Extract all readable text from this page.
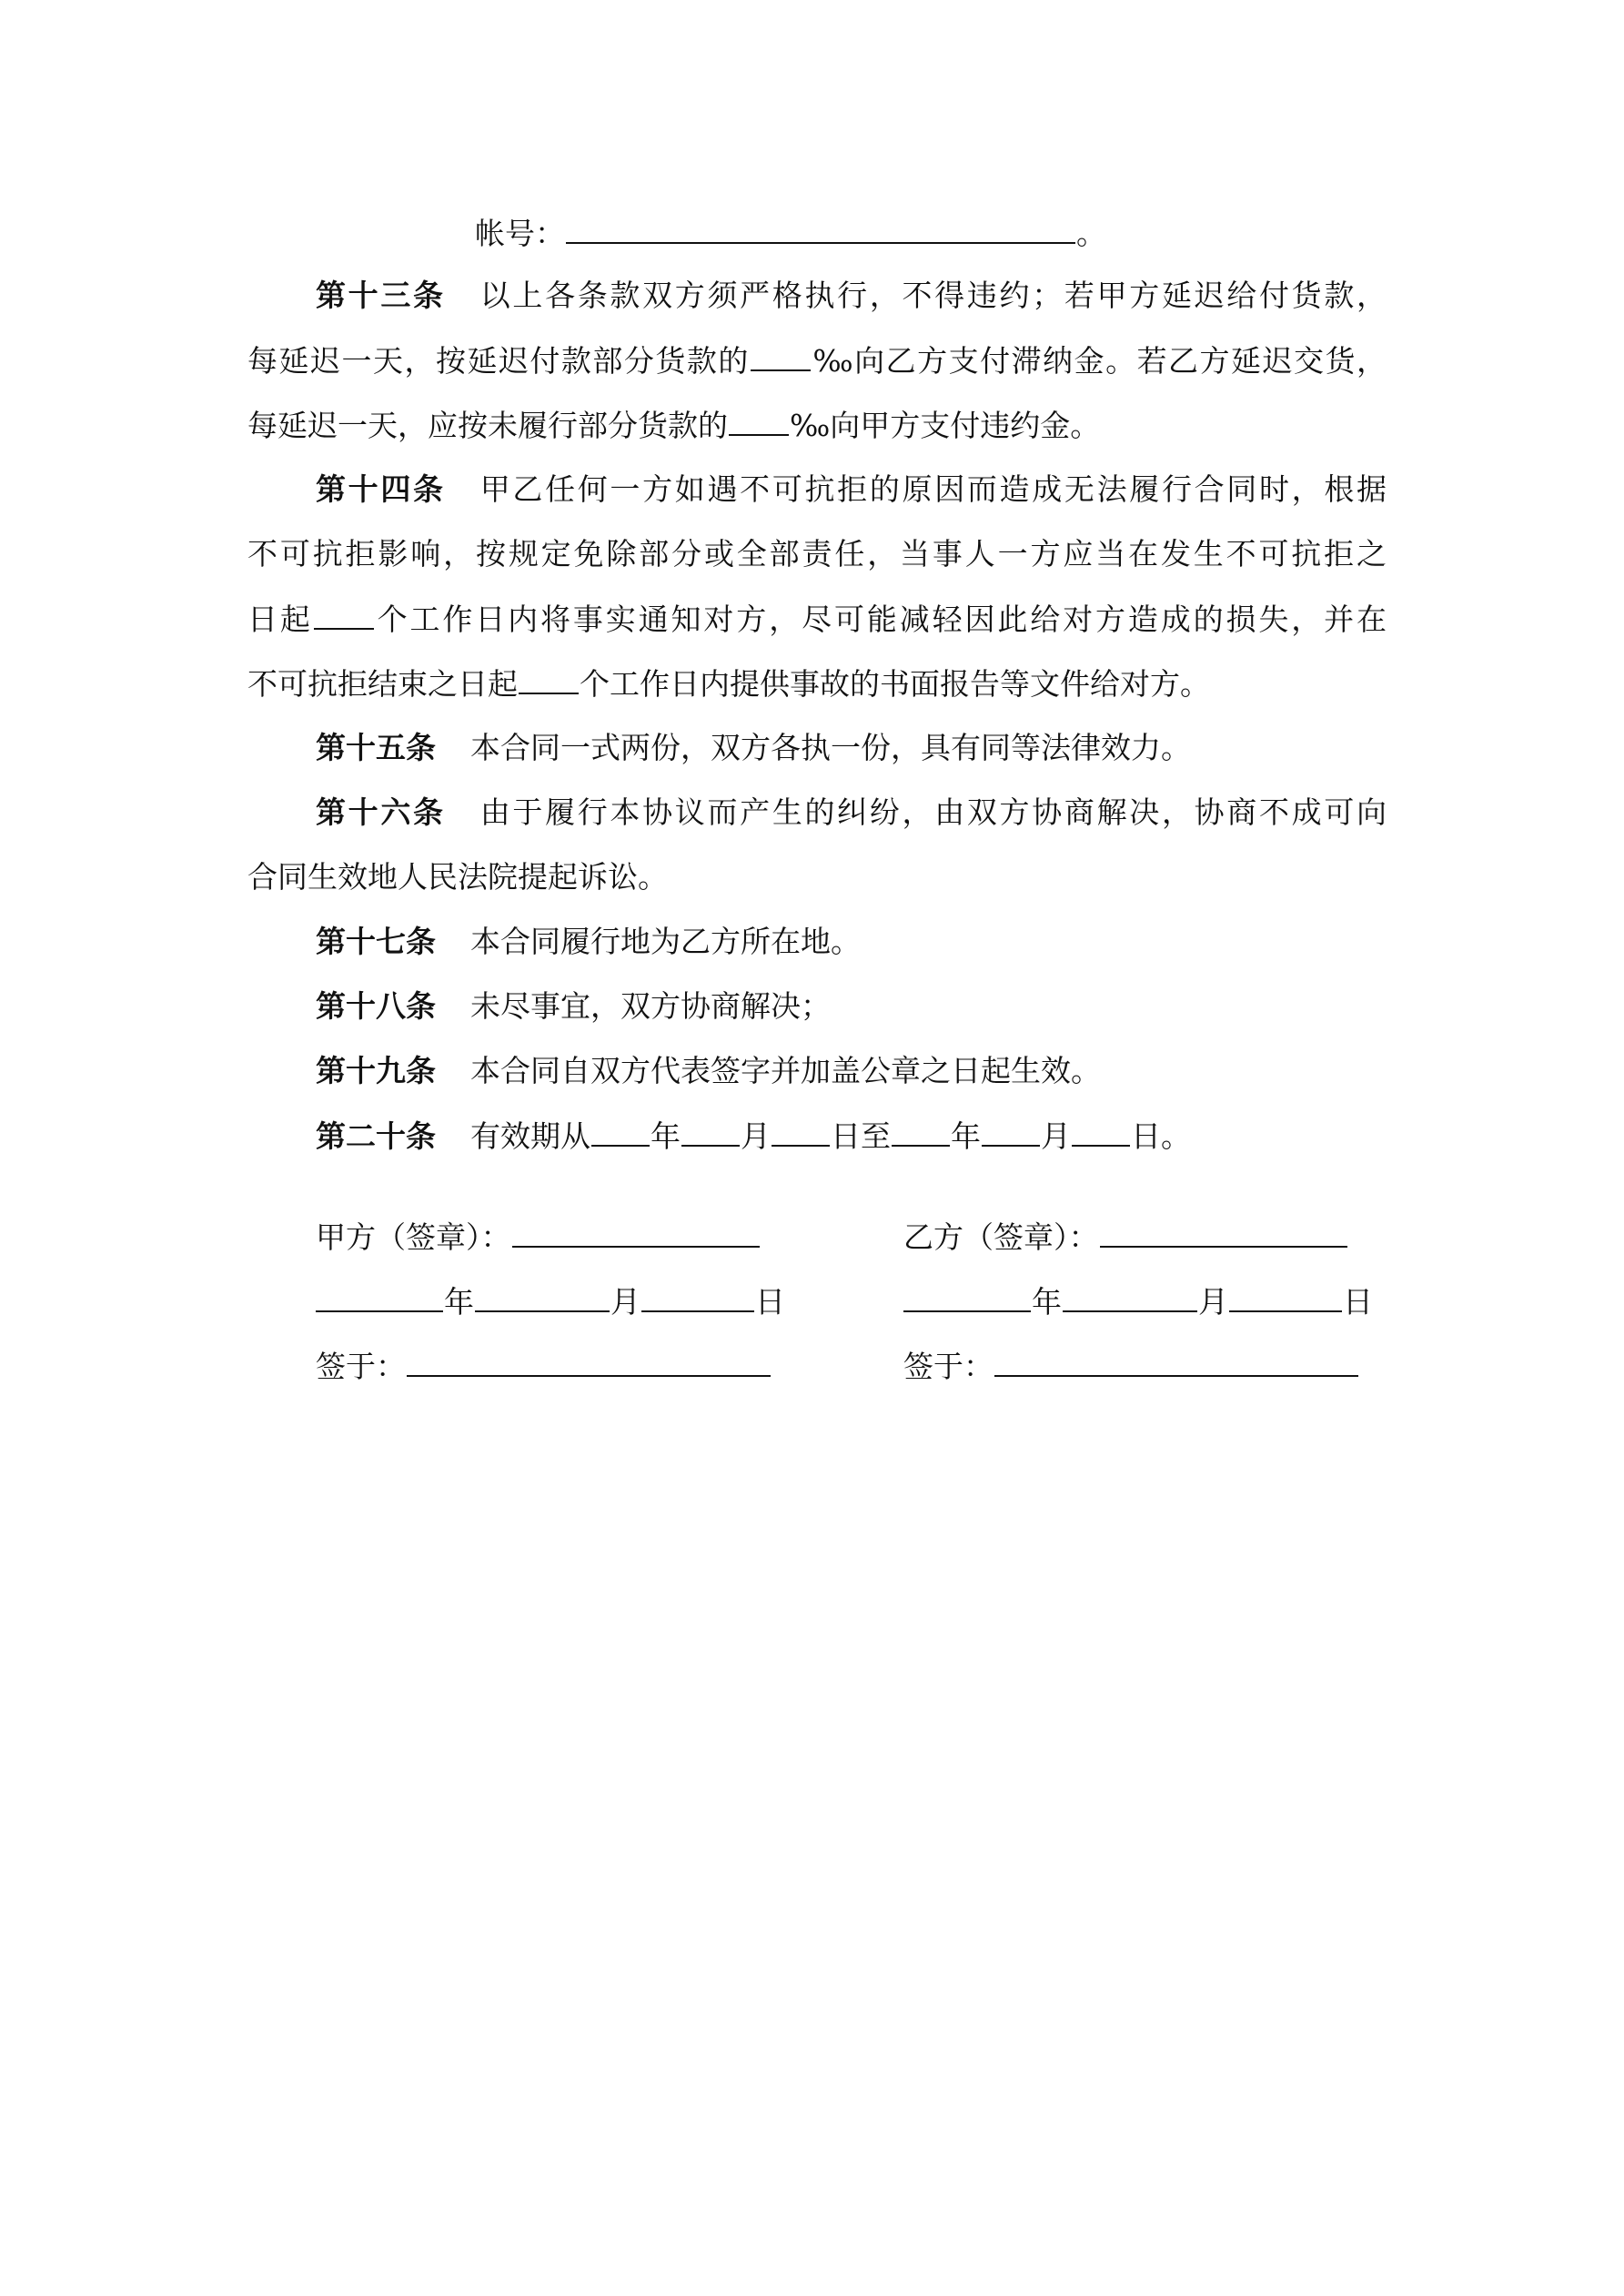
帐号：	。
第十三条 以上各条款双方须严格执行，不得违约；若甲方延迟给付货款，
每延迟一天，按延迟付款部分货款的 ‰向乙方支付滞纳金。若乙方延迟交货，
每延迟一天，应按未履行部分货款的 ‰向甲方支付违约金。
第十四条 甲乙任何一方如遇不可抗拒的原因而造成无法履行合同时，根据
不可抗拒影响，按规定免除部分或全部责任，当事人一方应当在发生不可抗拒之
日起 个工作日内将事实通知对方，尽可能减轻因此给对方造成的损失，并在
不可抗拒结束之日起 个工作日内提供事故的书面报告等文件给对方。
第十五条 本合同一式两份，双方各执一份，具有同等法律效力。
第十六条 由于履行本协议而产生的纠纷，由双方协商解决，协商不成可向
合同生效地人民法院提起诉讼。
第十七条 本合同履行地为乙方所在地。
第十八条 未尽事宜，双方协商解决；
第十九条 本合同自双方代表签字并加盖公章之日起生效。
第二十条 有效期从 年 月 日至 年 月 日。
甲方（签章）：
年	月	日
签于：
乙方（签章）：
年	月	日
签于：
